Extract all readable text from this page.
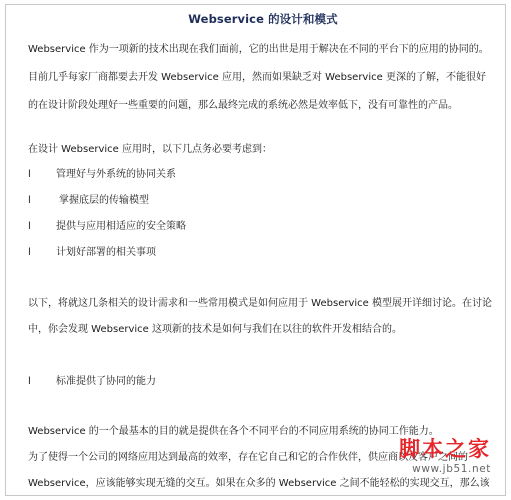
Webservice 的设计和模式
Webservice 作为一项新的技术出现在我们面前，它的出世是用于解决在不同的平台下的应用的协同的。
目前几乎每家厂商都要去开发 Webservice 应用，然而如果缺乏对 Webservice 更深的了解，不能很好
的在设计阶段处理好一些重要的问题，那么最终完成的系统必然是效率低下，没有可靠性的产品。
在设计 Webservice 应用时，以下几点务必要考虑到：
l	管理好与外系统的协同关系
l	掌握底层的传输模型
l	提供与应用相适应的安全策略
l	计划好部署的相关事项
以下，将就这几条相关的设计需求和一些常用模式是如何应用于 Webservice 模型展开详细讨论。在讨论
中，你会发现 Webservice 这项新的技术是如何与我们在以往的软件开发相结合的。
l	标准提供了协同的能力
Webservice 的一个最基本的目的就是提供在各个不同平台的不同应用系统的协同工作能力。
为了使得一个公司的网络应用达到最高的效率，存在它自己和它的合作伙伴，供应商以及客户之间的
Webservice，应该能够实现无缝的交互。如果在众多的 Webservice 之间不能轻松的实现交互，那么该
脚本之家
www.jb51.net
